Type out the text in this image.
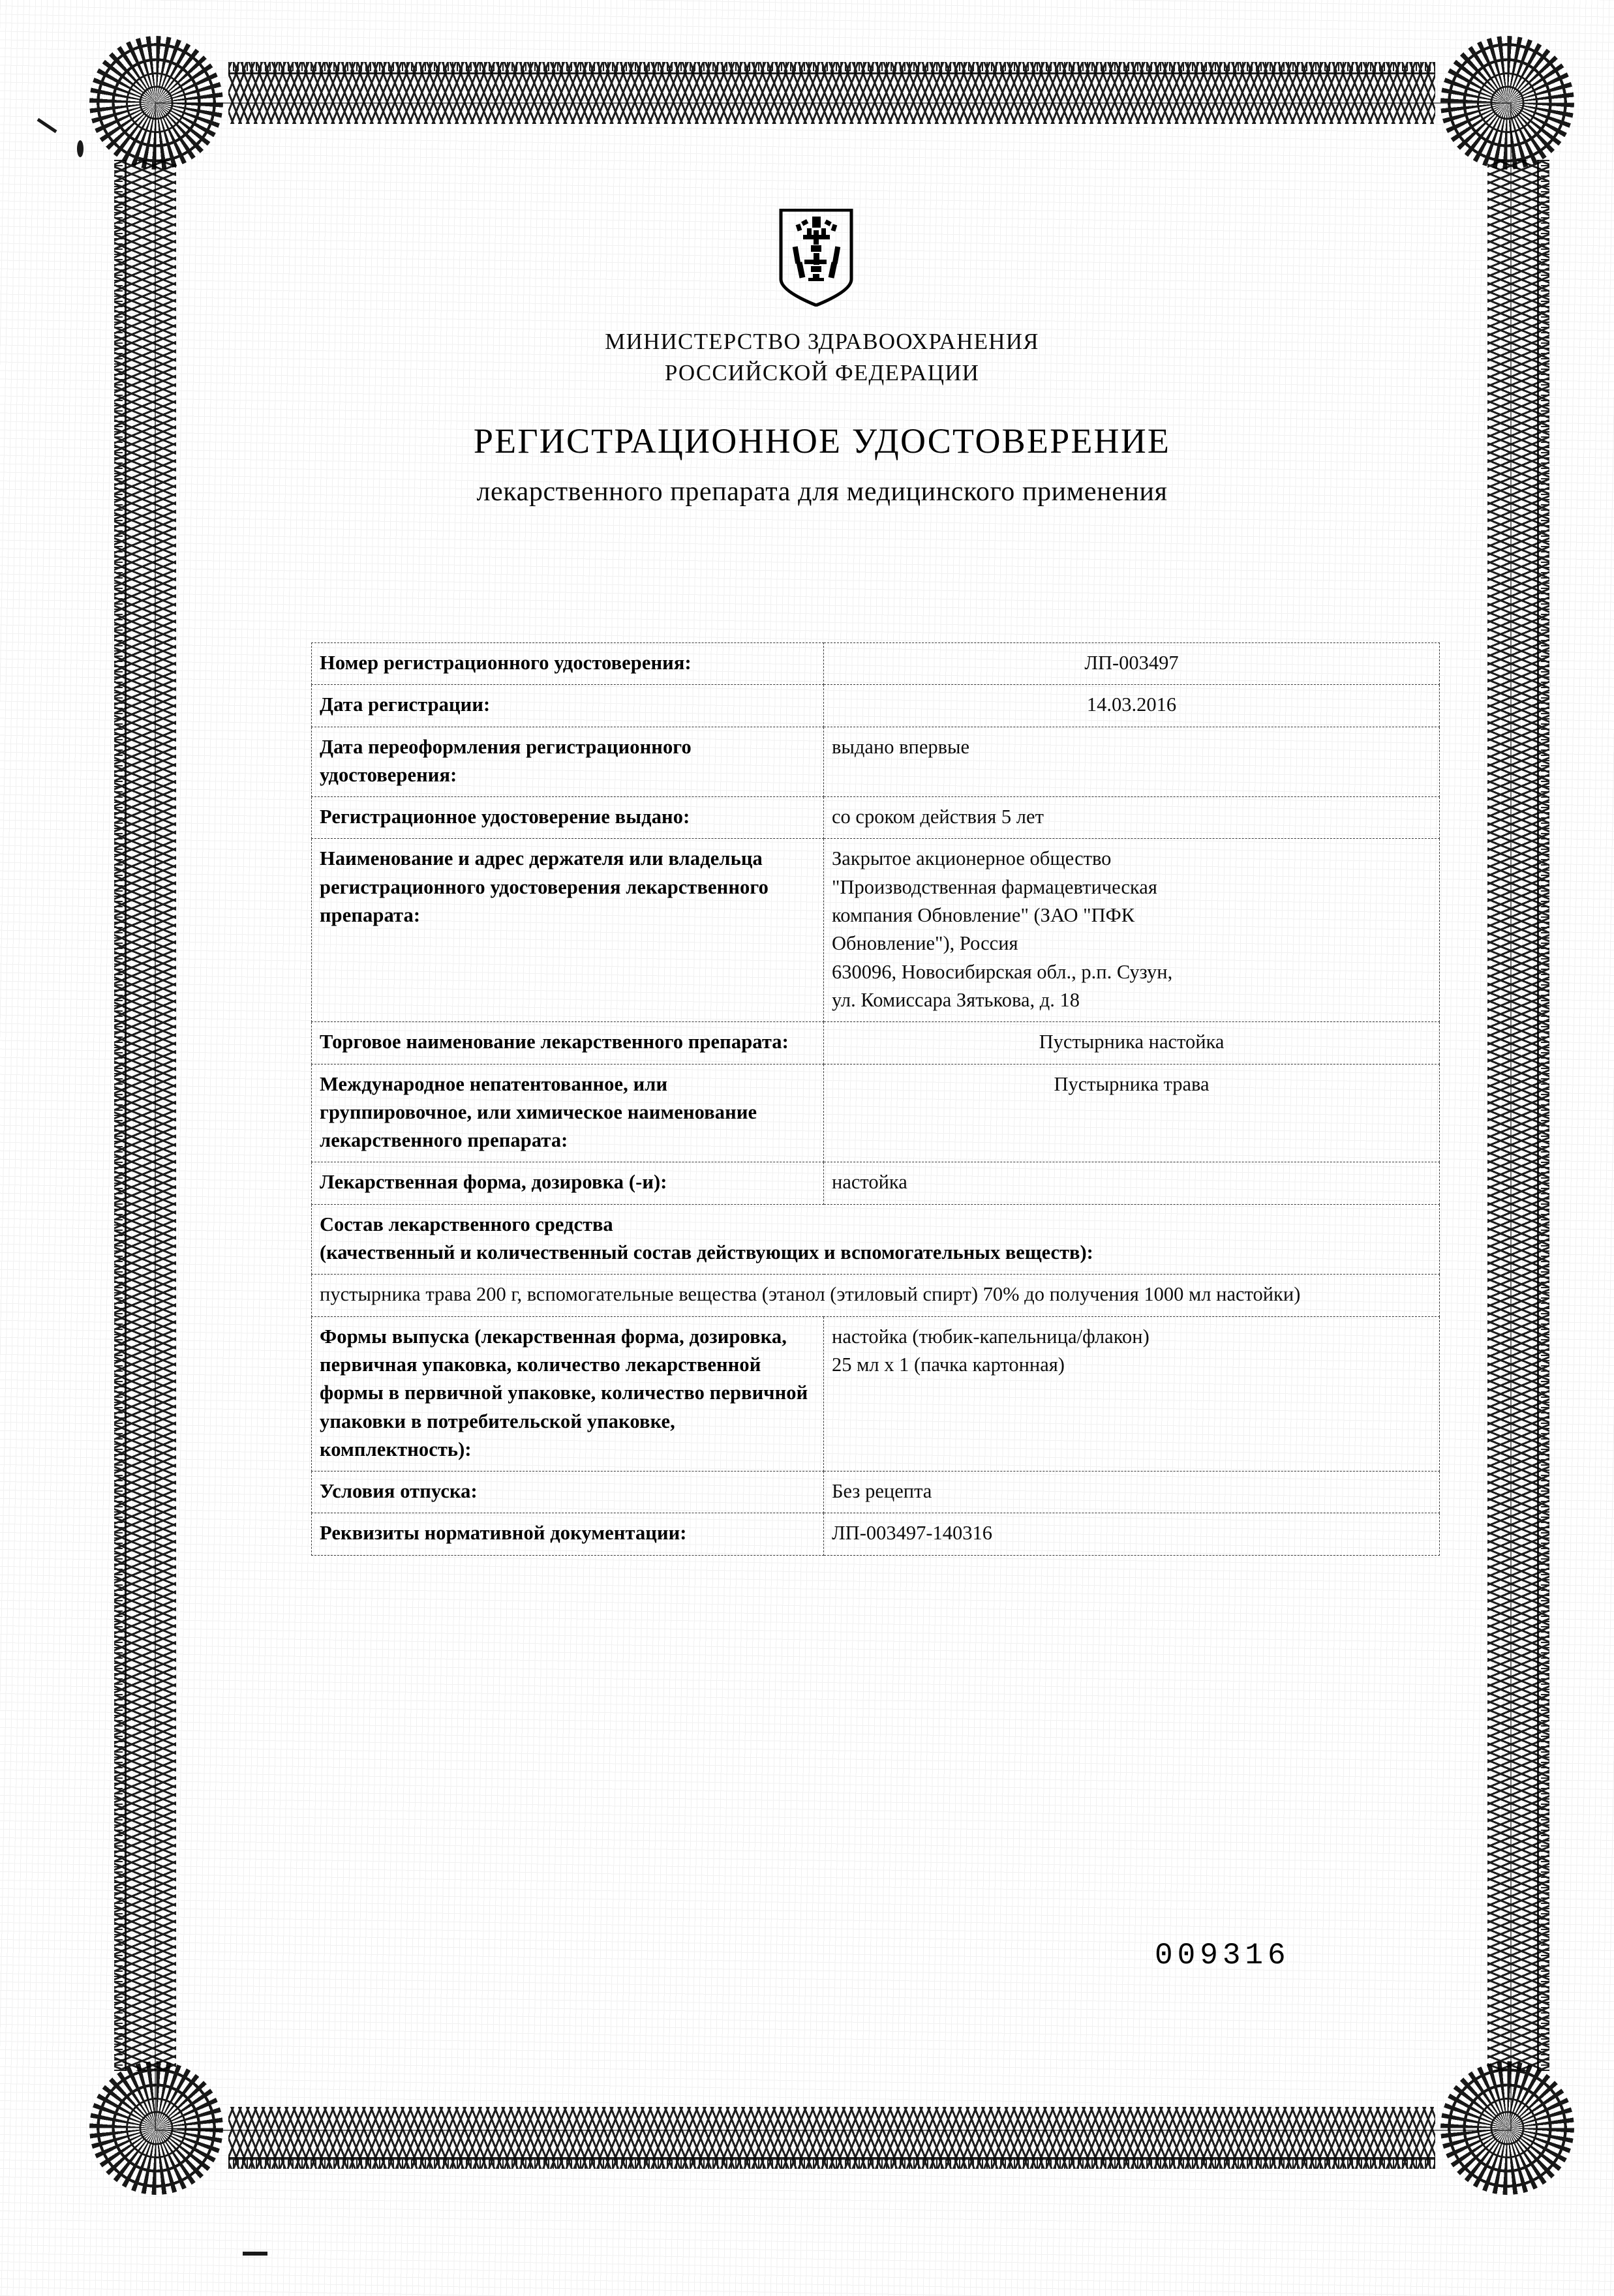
МИНИСТЕРСТВО ЗДРАВООХРАНЕНИЯ
РОССИЙСКОЙ ФЕДЕРАЦИИ
РЕГИСТРАЦИОННОЕ УДОСТОВЕРЕНИЕ
лекарственного препарата для медицинского применения
Номер регистрационного удостоверения:	ЛП-003497
Дата регистрации:	14.03.2016
Дата переоформления регистрационного удостоверения:	выдано впервые
Регистрационное удостоверение выдано:	со сроком действия 5 лет
Наименование и адрес держателя или владельца регистрационного удостоверения лекарственного препарата:	
Закрытое акционерное общество
"Производственная фармацевтическая
компания Обновление" (ЗАО "ПФК
Обновление"), Россия
630096, Новосибирская обл., р.п. Сузун,
ул. Комиссара Зятькова, д. 18

Торговое наименование лекарственного препарата:	Пустырника настойка
Международное непатентованное, или группировочное, или химическое наименование лекарственного препарата:	Пустырника трава
Лекарственная форма, дозировка (-и):	настойка

Состав лекарственного средства
(качественный и количественный состав действующих и вспомогательных веществ):	

пустырника трава 200 г, вспомогательные вещества (этанол (этиловый спирт) 70% до получения 1000 мл настойки)	
Формы выпуска (лекарственная форма, дозировка, первичная упаковка, количество лекарственной формы в первичной упаковке, количество первичной упаковки в потребительской упаковке, комплектность):	настойка (тюбик-капельница/флакон)
25 мл х 1 (пачка картонная)

Условия отпуска:	Без рецепта
Реквизиты нормативной документации:	ЛП-003497-140316
009316
